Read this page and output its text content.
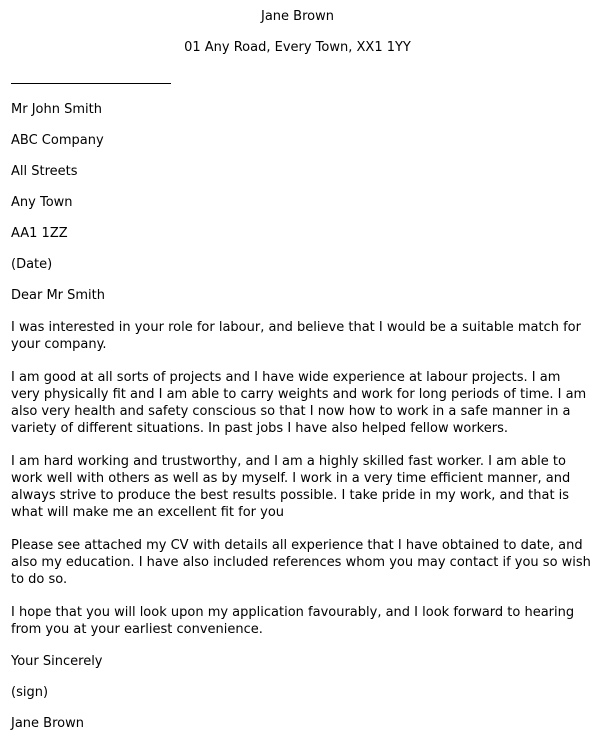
Jane Brown
01 Any Road, Every Town, XX1 1YY
Mr John Smith
ABC Company
All Streets
Any Town
AA1 1ZZ
(Date)
Dear Mr Smith
I was interested in your role for labour, and believe that I would be a suitable match for your company.
I am good at all sorts of projects and I have wide experience at labour projects. I am very physically fit and I am able to carry weights and work for long periods of time. I am also very health and safety conscious so that I now how to work in a safe manner in a variety of different situations. In past jobs I have also helped fellow workers.
I am hard working and trustworthy, and I am a highly skilled fast worker. I am able to work well with others as well as by myself. I work in a very time efficient manner, and always strive to produce the best results possible. I take pride in my work, and that is what will make me an excellent fit for you
Please see attached my CV with details all experience that I have obtained to date, and also my education. I have also included references whom you may contact if you so wish to do so.
I hope that you will look upon my application favourably, and I look forward to hearing from you at your earliest convenience.
Your Sincerely
(sign)
Jane Brown
